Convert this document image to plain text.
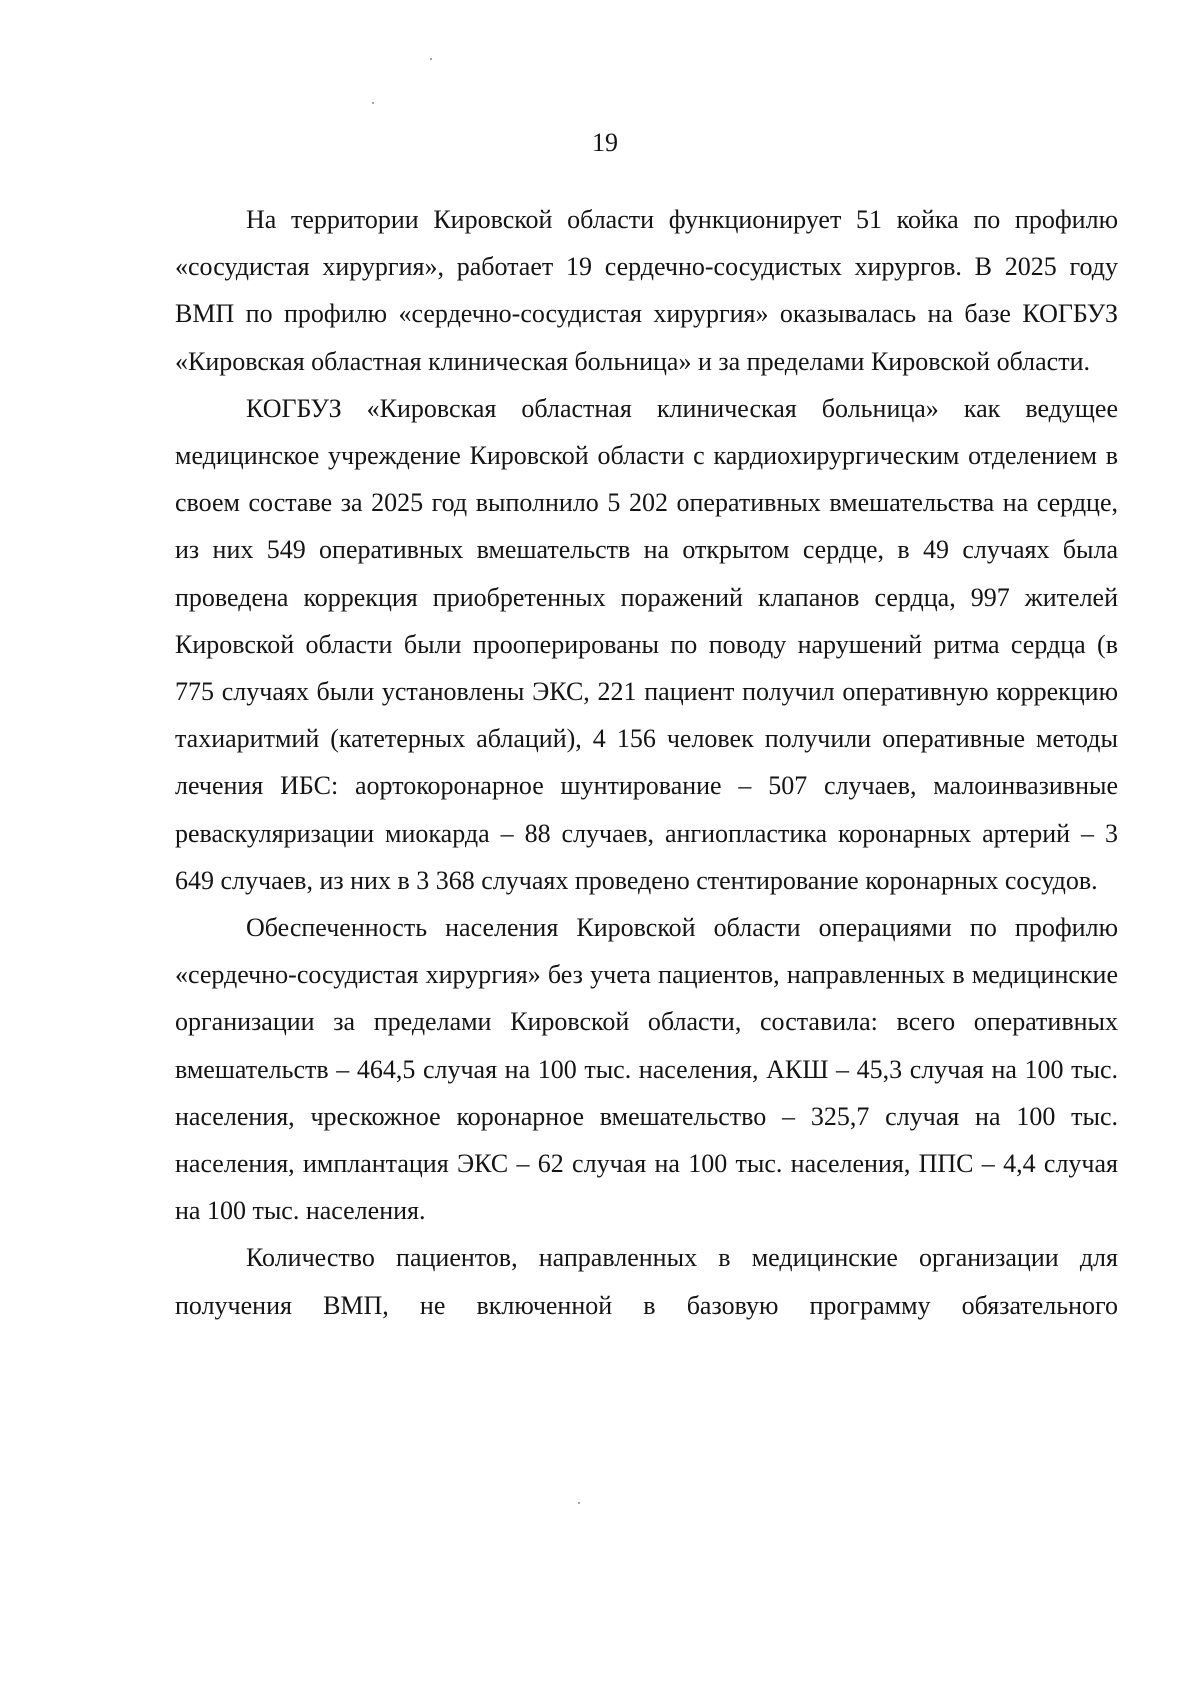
19

На территории Кировской области функционирует 51 койка по профилю «сосудистая хирургия», работает 19 сердечно-сосудистых хирургов. В 2025 году ВМП по профилю «сердечно-сосудистая хирургия» оказывалась на базе КОГБУЗ «Кировская областная клиническая больница» и за пределами Кировской области.

КОГБУЗ «Кировская областная клиническая больница» как ведущее медицинское учреждение Кировской области с кардиохирургическим отделением в своем составе за 2025 год выполнило 5 202 оперативных вмешательства на сердце, из них 549 оперативных вмешательств на открытом сердце, в 49 случаях была проведена коррекция приобретенных поражений клапанов сердца, 997 жителей Кировской области были прооперированы по поводу нарушений ритма сердца (в 775 случаях были установлены ЭКС, 221 пациент получил оперативную коррекцию тахиаритмий (катетерных аблаций), 4 156 человек получили оперативные методы лечения ИБС: аортокоронарное шунтирование – 507 случаев, малоинвазивные реваскуляризации миокарда – 88 случаев, ангиопластика коронарных артерий – 3 649 случаев, из них в 3 368 случаях проведено стентирование коронарных сосудов.

Обеспеченность населения Кировской области операциями по профилю «сердечно-сосудистая хирургия» без учета пациентов, направленных в медицинские организации за пределами Кировской области, составила: всего оперативных вмешательств – 464,5 случая на 100 тыс. населения, АКШ – 45,3 случая на 100 тыс. населения, чрескожное коронарное вмешательство – 325,7 случая на 100 тыс. населения, имплантация ЭКС – 62 случая на 100 тыс. населения, ППС – 4,4 случая на 100 тыс. населения.

Количество пациентов, направленных в медицинские организации для получения ВМП, не включенной в базовую программу обязательного
